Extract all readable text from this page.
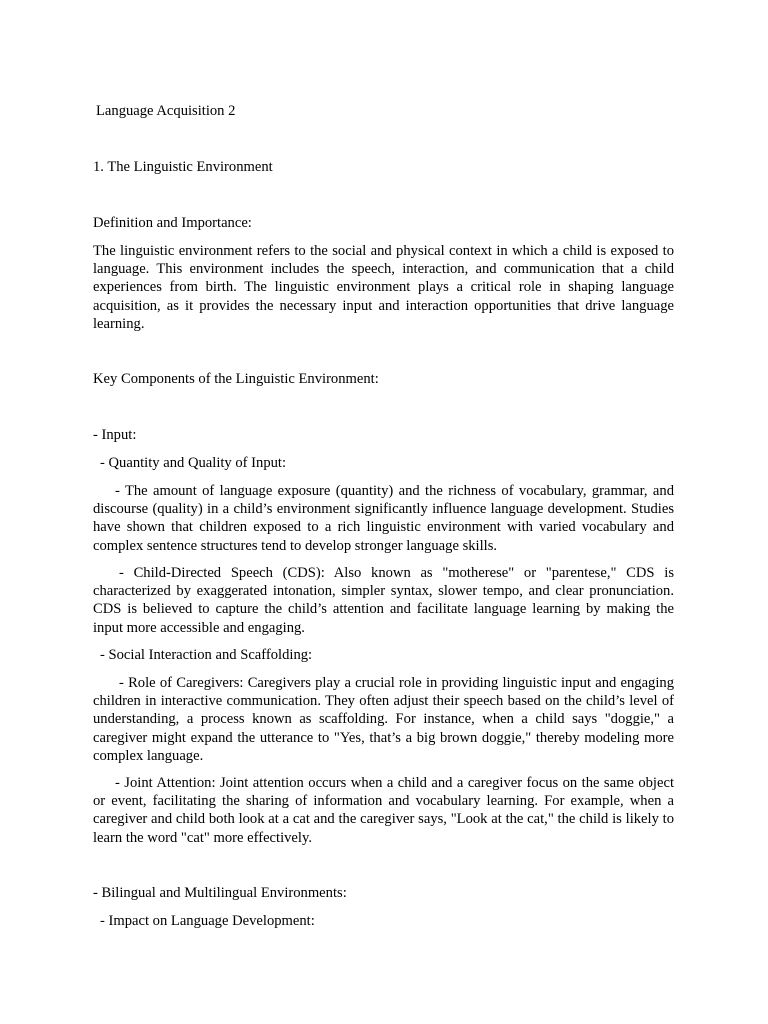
Language Acquisition 2

1. The Linguistic Environment

Definition and Importance:

The linguistic environment refers to the social and physical context in which a child is exposed to language. This environment includes the speech, interaction, and communication that a child experiences from birth. The linguistic environment plays a critical role in shaping language acquisition, as it provides the necessary input and interaction opportunities that drive language learning.

Key Components of the Linguistic Environment:

- Input:

- Quantity and Quality of Input:

- The amount of language exposure (quantity) and the richness of vocabulary, grammar, and discourse (quality) in a child’s environment significantly influence language development. Studies have shown that children exposed to a rich linguistic environment with varied vocabulary and complex sentence structures tend to develop stronger language skills.

- Child-Directed Speech (CDS): Also known as "motherese" or "parentese," CDS is characterized by exaggerated intonation, simpler syntax, slower tempo, and clear pronunciation. CDS is believed to capture the child’s attention and facilitate language learning by making the input more accessible and engaging.

- Social Interaction and Scaffolding:

- Role of Caregivers: Caregivers play a crucial role in providing linguistic input and engaging children in interactive communication. They often adjust their speech based on the child’s level of understanding, a process known as scaffolding. For instance, when a child says "doggie," a caregiver might expand the utterance to "Yes, that’s a big brown doggie," thereby modeling more complex language.

- Joint Attention: Joint attention occurs when a child and a caregiver focus on the same object or event, facilitating the sharing of information and vocabulary learning. For example, when a caregiver and child both look at a cat and the caregiver says, "Look at the cat," the child is likely to learn the word "cat" more effectively.

- Bilingual and Multilingual Environments:

- Impact on Language Development:
